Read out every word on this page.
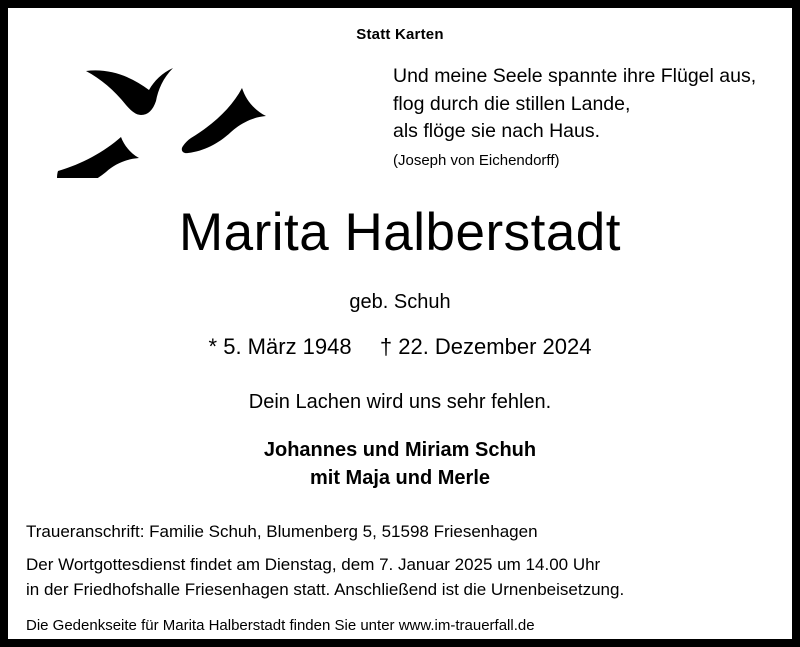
Statt Karten
Und meine Seele spannte ihre Flügel aus,
flog durch die stillen Lande,
als flöge sie nach Haus.
(Joseph von Eichendorff)
Marita Halberstadt
geb. Schuh
* 5. März 1948 † 22. Dezember 2024
Dein Lachen wird uns sehr fehlen.
Johannes und Miriam Schuh
mit Maja und Merle
Traueranschrift: Familie Schuh, Blumenberg 5, 51598 Friesenhagen
Der Wortgottesdienst findet am Dienstag, dem 7. Januar 2025 um 14.00 Uhr
in der Friedhofshalle Friesenhagen statt. Anschließend ist die Urnenbeisetzung.
Die Gedenkseite für Marita Halberstadt finden Sie unter www.im-trauerfall.de
